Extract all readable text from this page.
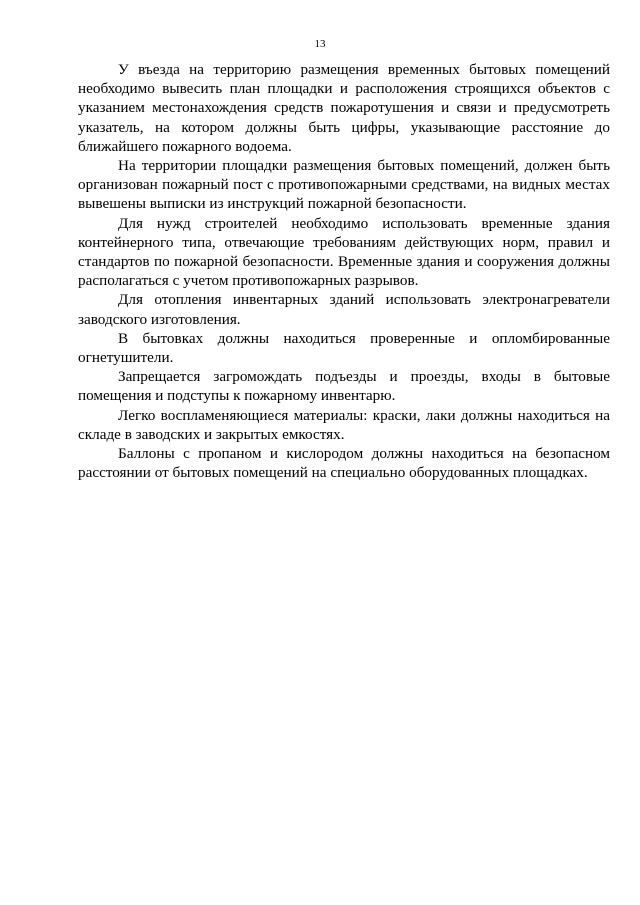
13

У въезда на территорию размещения временных бытовых помещений необходимо вывесить план площадки и расположения строящихся объектов с указанием местонахождения средств пожаротушения и связи и предусмотреть указатель, на котором должны быть цифры, указывающие расстояние до ближайшего пожарного водоема.

На территории площадки размещения бытовых помещений, должен быть организован пожарный пост с противопожарными средствами, на видных местах вывешены выписки из инструкций пожарной безопасности.

Для нужд строителей необходимо использовать временные здания контейнерного типа, отвечающие требованиям действующих норм, правил и стандартов по пожарной безопасности. Временные здания и сооружения должны располагаться с учетом противопожарных разрывов.

Для отопления инвентарных зданий использовать электронагреватели заводского изготовления.

В бытовках должны находиться проверенные и опломбированные огнетушители.

Запрещается загромождать подъезды и проезды, входы в бытовые помещения и подступы к пожарному инвентарю.

Легко воспламеняющиеся материалы: краски, лаки должны находиться на складе в заводских и закрытых емкостях.

Баллоны с пропаном и кислородом должны находиться на безопасном расстоянии от бытовых помещений на специально оборудованных площадках.
